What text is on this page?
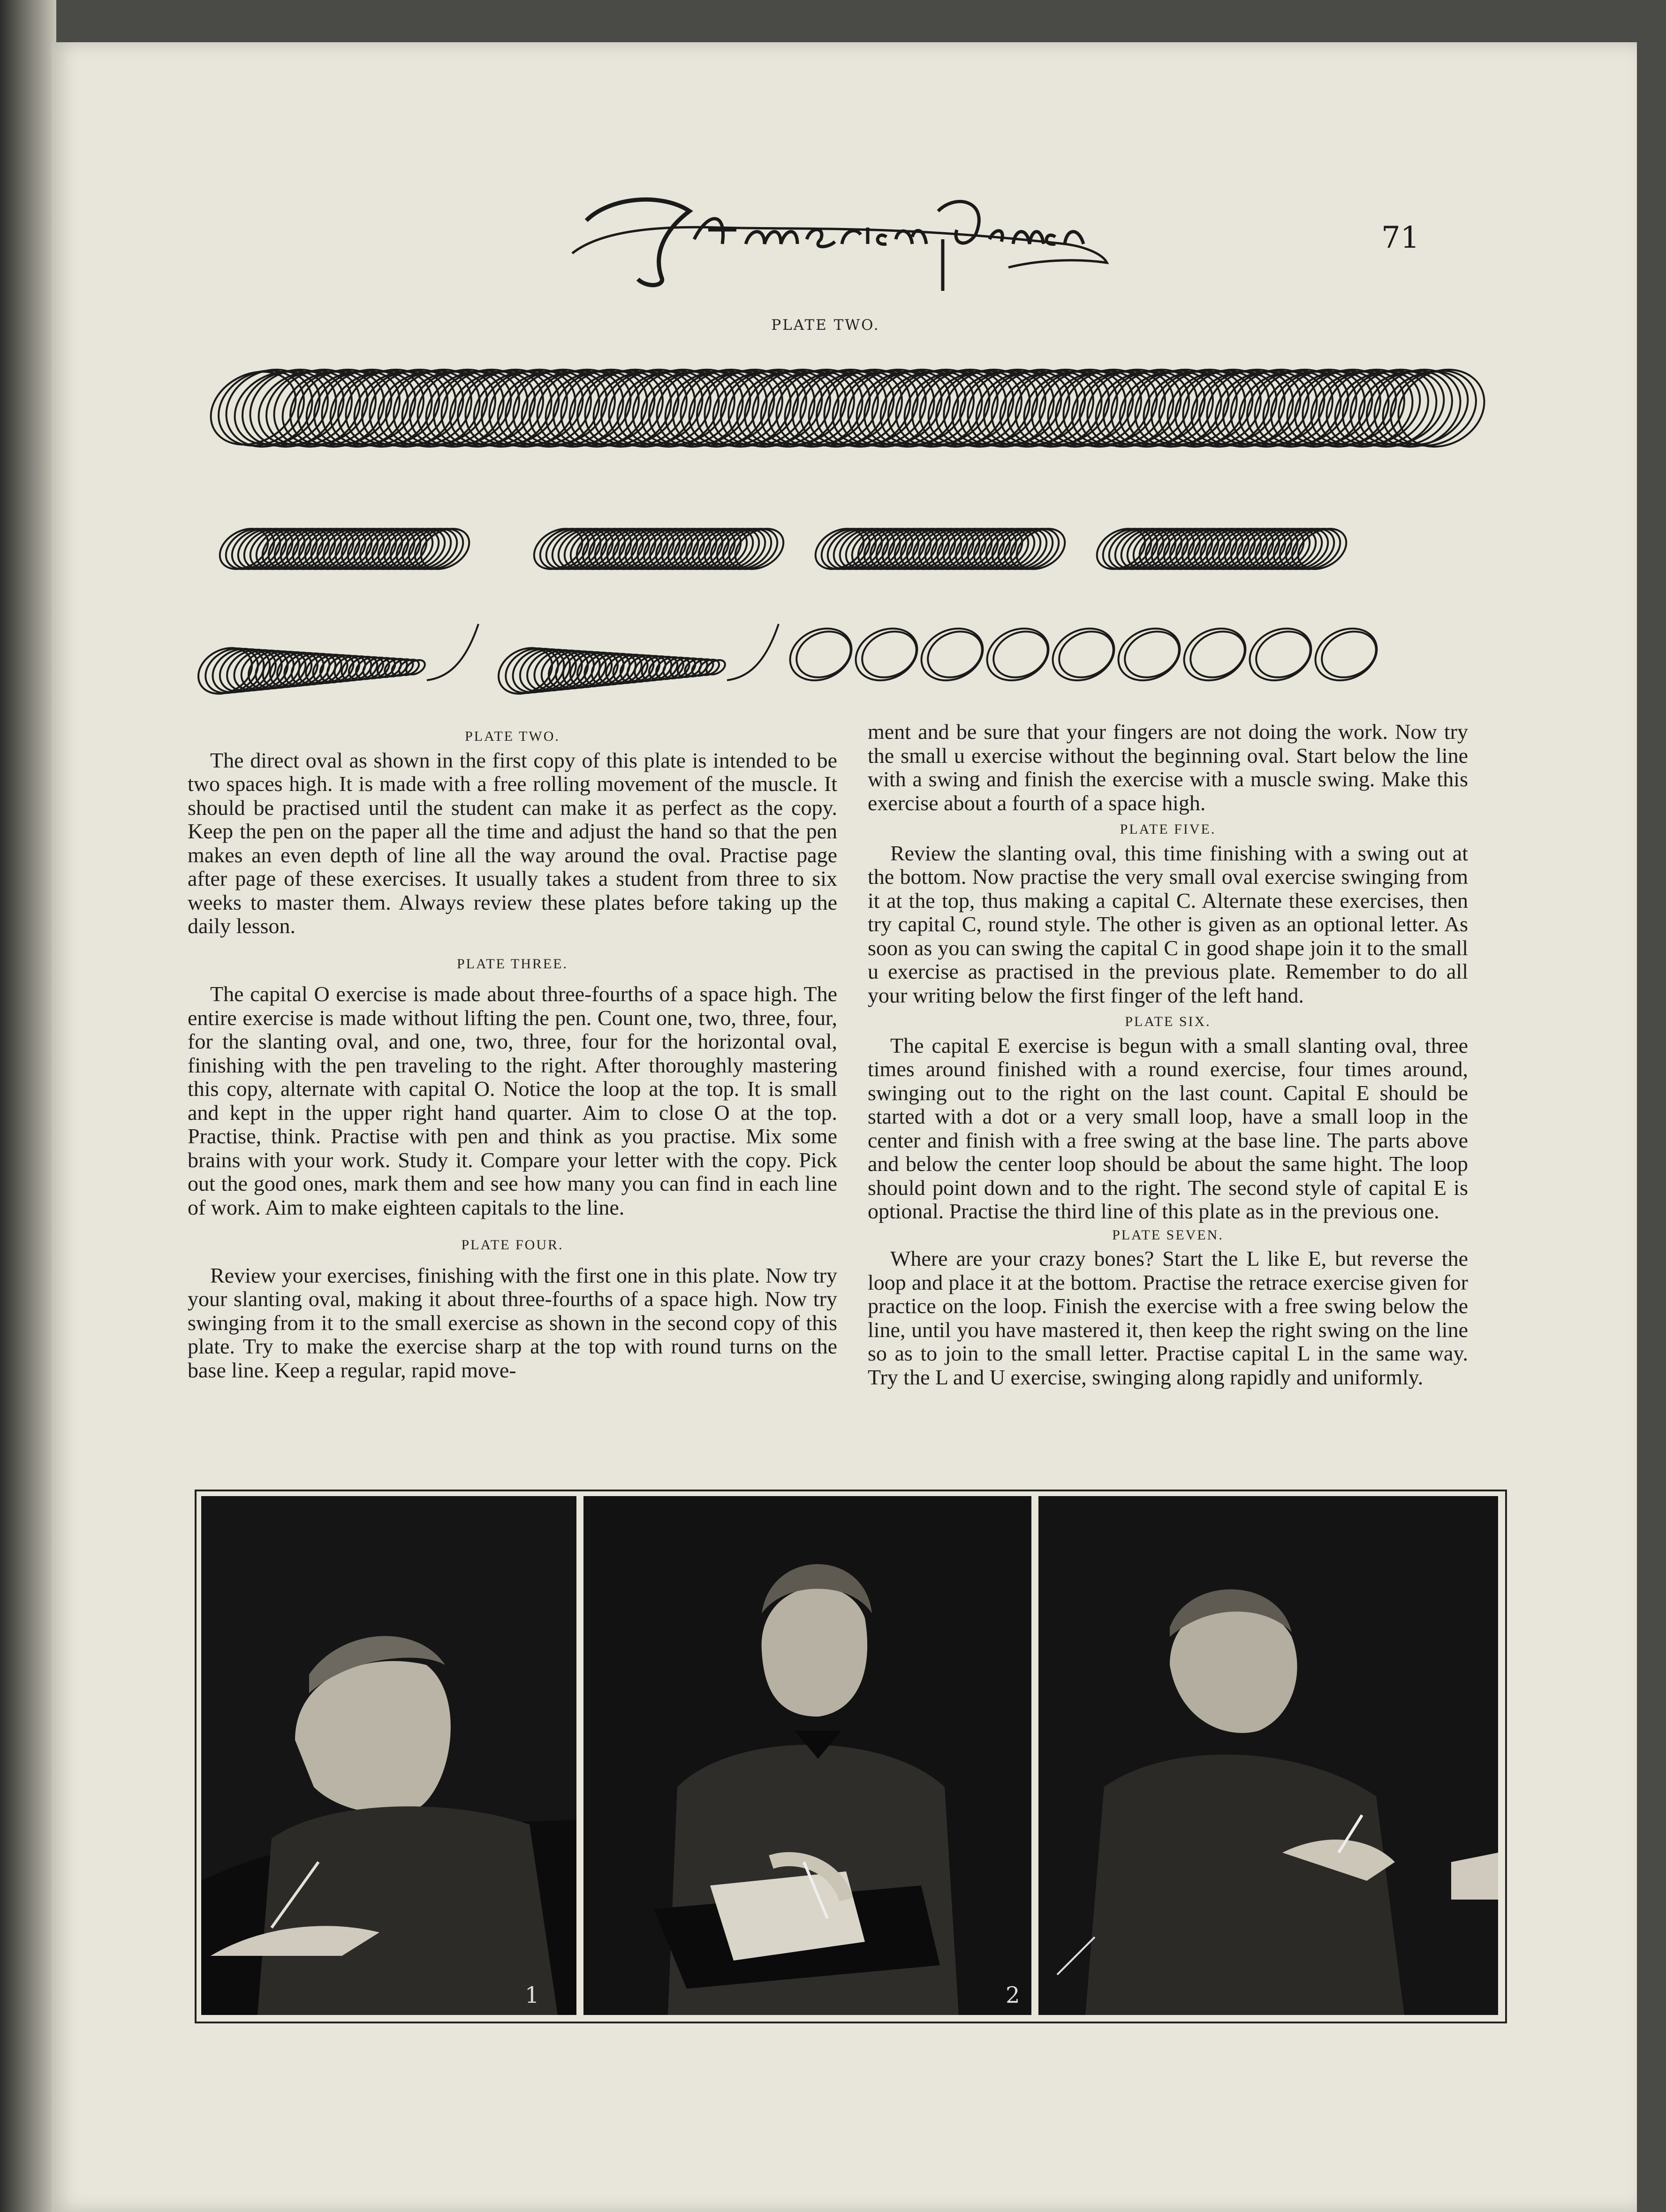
71
PLATE TWO.
PLATE TWO.

The direct oval as shown in the first copy of this plate is intended to be two spaces high. It is made with a free rolling movement of the muscle. It should be practised until the student can make it as perfect as the copy. Keep the pen on the paper all the time and adjust the hand so that the pen makes an even depth of line all the way around the oval. Practise page after page of these exercises. It usually takes a student from three to six weeks to master them. Always review these plates before taking up the daily lesson.

PLATE THREE.

The capital O exercise is made about three-fourths of a space high. The entire exercise is made without lifting the pen. Count one, two, three, four, for the slanting oval, and one, two, three, four for the horizontal oval, finishing with the pen traveling to the right. After thoroughly mastering this copy, alternate with capital O. Notice the loop at the top. It is small and kept in the upper right hand quarter. Aim to close O at the top. Practise, think. Practise with pen and think as you practise. Mix some brains with your work. Study it. Compare your letter with the copy. Pick out the good ones, mark them and see how many you can find in each line of work. Aim to make eighteen capitals to the line.

PLATE FOUR.

Review your exercises, finishing with the first one in this plate. Now try your slanting oval, making it about three-fourths of a space high. Now try swinging from it to the small exercise as shown in the second copy of this plate. Try to make the exercise sharp at the top with round turns on the base line. Keep a regular, rapid move-

ment and be sure that your fingers are not doing the work. Now try the small u exercise without the beginning oval. Start below the line with a swing and finish the exercise with a muscle swing. Make this exercise about a fourth of a space high.

PLATE FIVE.

Review the slanting oval, this time finishing with a swing out at the bottom. Now practise the very small oval exercise swinging from it at the top, thus making a capital C. Alternate these exercises, then try capital C, round style. The other is given as an optional letter. As soon as you can swing the capital C in good shape join it to the small u exercise as practised in the previous plate. Remember to do all your writing below the first finger of the left hand.

PLATE SIX.

The capital E exercise is begun with a small slanting oval, three times around finished with a round exercise, four times around, swinging out to the right on the last count. Capital E should be started with a dot or a very small loop, have a small loop in the center and finish with a free swing at the base line. The parts above and below the center loop should be about the same hight. The loop should point down and to the right. The second style of capital E is optional. Practise the third line of this plate as in the previous one.

PLATE SEVEN.

Where are your crazy bones? Start the L like E, but reverse the loop and place it at the bottom. Practise the retrace exercise given for practice on the loop. Finish the exercise with a free swing below the line, until you have mastered it, then keep the right swing on the line so as to join to the small letter. Practise capital L in the same way. Try the L and U exercise, swinging along rapidly and uniformly.

1	2
